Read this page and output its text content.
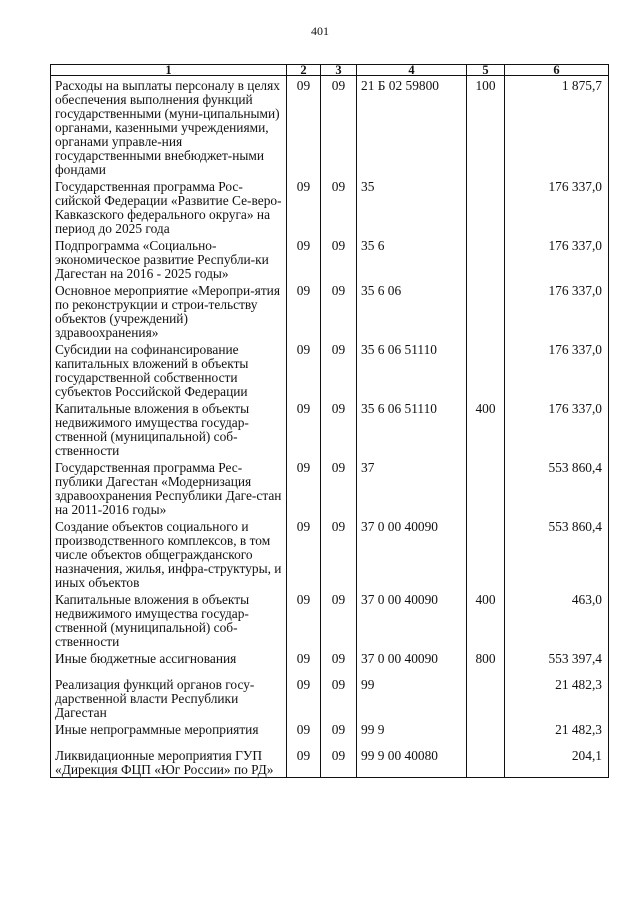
401
1	2	3	4	5	6
Расходы на выплаты персоналу в целях обеспечения выполнения функций государственными (муни-ципальными) органами, казенными учреждениями, органами управле-ния государственными внебюджет-ными фондами	09	09	21 Б 02 59800	100	1 875,7
Государственная программа Рос-сийской Федерации «Развитие Се-веро-Кавказского федерального округа» на период до 2025 года	09	09	35		176 337,0
Подпрограмма «Социально-экономическое развитие Республи-ки Дагестан на 2016 - 2025 годы»	09	09	35 6		176 337,0
Основное мероприятие «Меропри-ятия по реконструкции и строи-тельству объектов (учреждений) здравоохранения»	09	09	35 6 06		176 337,0
Субсидии на софинансирование капитальных вложений в объекты государственной собственности субъектов Российской Федерации	09	09	35 6 06 51110		176 337,0
Капитальные вложения в объекты недвижимого имущества государ-ственной (муниципальной) соб-ственности	09	09	35 6 06 51110	400	176 337,0
Государственная программа Рес-публики Дагестан «Модернизация здравоохранения Республики Даге-стан на 2011-2016 годы»	09	09	37		553 860,4
Создание объектов социального и производственного комплексов, в том числе объектов общегражданского назначения, жилья, инфра-структуры, и иных объектов	09	09	37 0 00 40090		553 860,4
Капитальные вложения в объекты недвижимого имущества государ-ственной (муниципальной) соб-ственности	09	09	37 0 00 40090	400	463,0
Иные бюджетные ассигнования	09	09	37 0 00 40090	800	553 397,4
Реализация функций органов госу-дарственной власти Республики Дагестан	09	09	99		21 482,3
Иные непрограммные мероприятия	09	09	99 9		21 482,3
Ликвидационные мероприятия ГУП «Дирекция ФЦП «Юг России» по РД»	09	09	99 9 00 40080		204,1
